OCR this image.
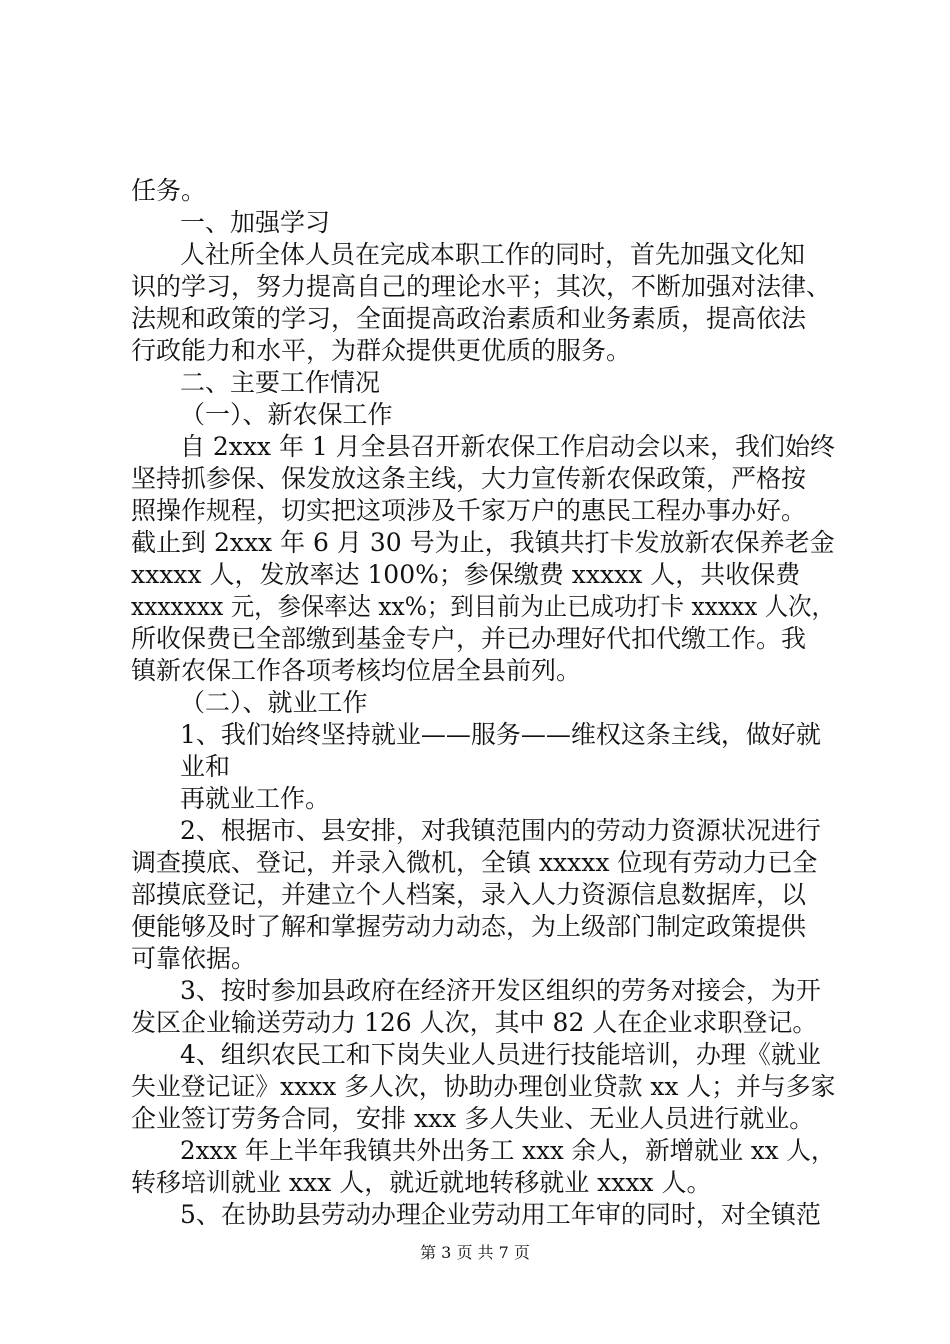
任务。
一、加强学习
人社所全体人员在完成本职工作的同时，首先加强文化知
识的学习，努力提高自己的理论水平；其次，不断加强对法律、
法规和政策的学习，全面提高政治素质和业务素质，提高依法
行政能力和水平，为群众提供更优质的服务。
二、主要工作情况
（一）、新农保工作
自 2xxx 年 1 月全县召开新农保工作启动会以来，我们始终
坚持抓参保、保发放这条主线，大力宣传新农保政策，严格按
照操作规程，切实把这项涉及千家万户的惠民工程办事办好。
截止到 2xxx 年 6 月 30 号为止，我镇共打卡发放新农保养老金
xxxxx 人，发放率达 100%；参保缴费 xxxxx 人，共收保费
xxxxxxx 元，参保率达 xx%；到目前为止已成功打卡 xxxxx 人次，
所收保费已全部缴到基金专户，并已办理好代扣代缴工作。我
镇新农保工作各项考核均位居全县前列。
（二）、就业工作
1、我们始终坚持就业——服务——维权这条主线，做好就
业和
再就业工作。
2、根据市、县安排，对我镇范围内的劳动力资源状况进行
调查摸底、登记，并录入微机，全镇 xxxxx 位现有劳动力已全
部摸底登记，并建立个人档案，录入人力资源信息数据库，以
便能够及时了解和掌握劳动力动态，为上级部门制定政策提供
可靠依据。
3、按时参加县政府在经济开发区组织的劳务对接会，为开
发区企业输送劳动力 126 人次，其中 82 人在企业求职登记。
4、组织农民工和下岗失业人员进行技能培训，办理《就业
失业登记证》xxxx 多人次，协助办理创业贷款 xx 人；并与多家
企业签订劳务合同，安排 xxx 多人失业、无业人员进行就业。
2xxx 年上半年我镇共外出务工 xxx 余人，新增就业 xx 人，
转移培训就业 xxx 人，就近就地转移就业 xxxx 人。
5、在协助县劳动办理企业劳动用工年审的同时，对全镇范
第 3 页 共 7 页
